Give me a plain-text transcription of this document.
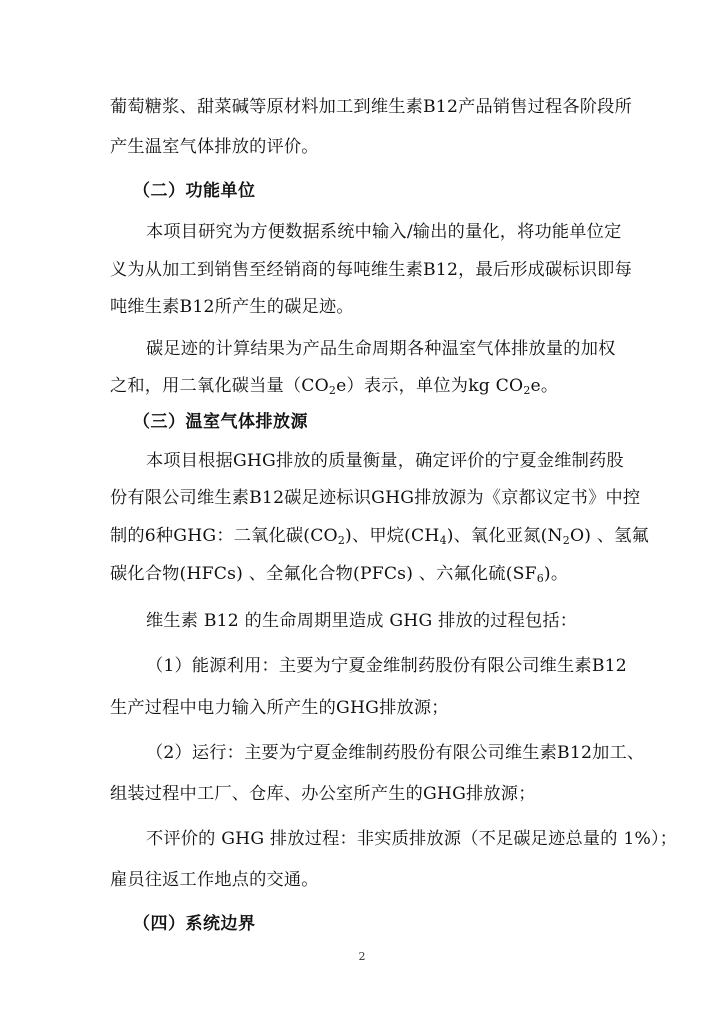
葡萄糖浆、甜菜碱等原材料加工到维生素B12产品销售过程各阶段所
产生温室气体排放的评价。
（二）功能单位
本项目研究为方便数据系统中输入/输出的量化，将功能单位定
义为从加工到销售至经销商的每吨维生素B12，最后形成碳标识即每
吨维生素B12所产生的碳足迹。
碳足迹的计算结果为产品生命周期各种温室气体排放量的加权
之和，用二氧化碳当量$(CO_2e)$表示，单位为kg $CO_2e$。
（三）温室气体排放源
本项目根据GHG排放的质量衡量，确定评价的宁夏金维制药股
份有限公司维生素B12碳足迹标识GHG排放源为《京都议定书》中控
制的6种GHG：二氧化碳$(CO_2)$、甲烷$(CH_4)$、氧化亚氮$(N_2O)$ 、氢氟
碳化合物(HFCs) 、全氟化合物(PFCs) 、六氟化硫$(SF_6)$。
维生素 B12 的生命周期里造成 GHG 排放的过程包括：
（1）能源利用：主要为宁夏金维制药股份有限公司维生素B12
生产过程中电力输入所产生的GHG排放源；
（2）运行：主要为宁夏金维制药股份有限公司维生素B12加工、
组装过程中工厂、仓库、办公室所产生的GHG排放源；
不评价的 GHG 排放过程：非实质排放源（不足碳足迹总量的 1%）；
雇员往返工作地点的交通。
（四）系统边界
2
